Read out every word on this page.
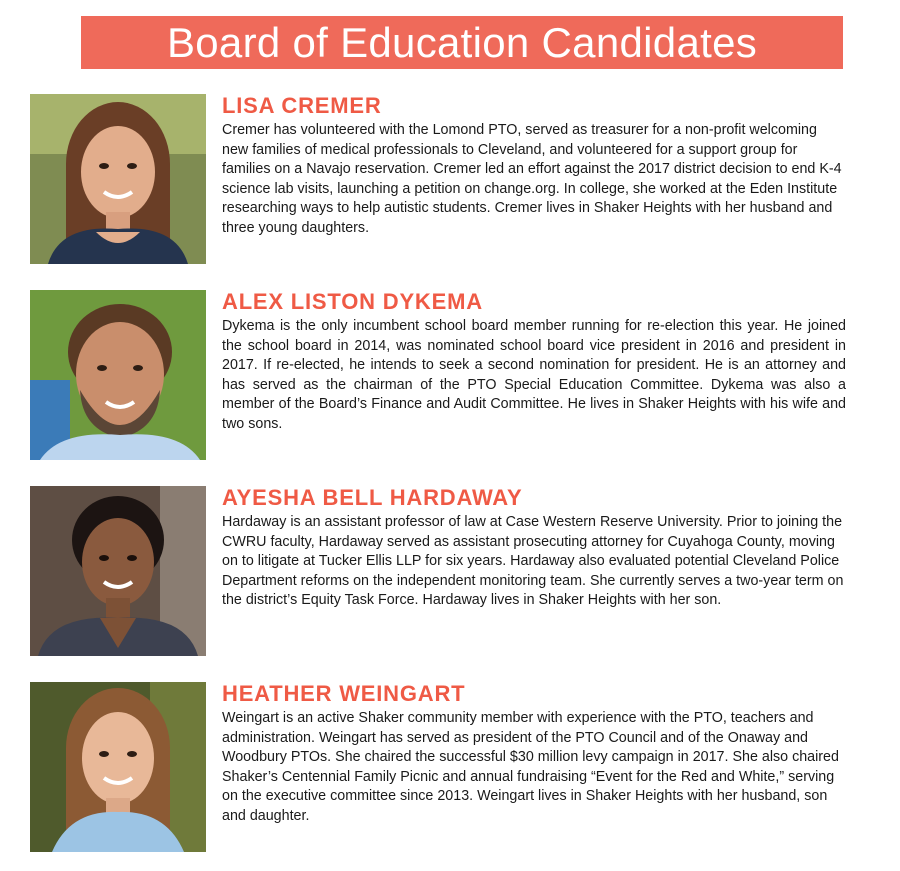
Board of Education Candidates
LISA CREMER

Cremer has volunteered with the Lomond PTO, served as treasurer for a non-profit welcoming new families of medical professionals to Cleveland, and volunteered for a support group for families on a Navajo reservation. Cremer led an effort against the 2017 district decision to end K-4 science lab visits, launching a petition on change.org. In college, she worked at the Eden Institute researching ways to help autistic students. Cremer lives in Shaker Heights with her husband and three young daughters.

ALEX LISTON DYKEMA

Dykema is the only incumbent school board member running for re-election this year. He joined the school board in 2014, was nominated school board vice president in 2016 and president in 2017. If re-elected, he intends to seek a second nomination for president. He is an attorney and has served as the chairman of the PTO Special Education Committee. Dykema was also a member of the Board’s Finance and Audit Committee. He lives in Shaker Heights with his wife and two sons.

AYESHA BELL HARDAWAY

Hardaway is an assistant professor of law at Case Western Reserve University. Prior to joining the CWRU faculty, Hardaway served as assistant prosecuting attorney for Cuyahoga County, moving on to litigate at Tucker Ellis LLP for six years. Hardaway also evaluated potential Cleveland Police Department reforms on the independent monitoring team. She currently serves a two-year term on the district’s Equity Task Force. Hardaway lives in Shaker Heights with her son.

HEATHER WEINGART

Weingart is an active Shaker community member with experience with the PTO, teachers and administration. Weingart has served as president of the PTO Council and of the Onaway and Woodbury PTOs. She chaired the successful $30 million levy campaign in 2017. She also chaired Shaker’s Centennial Family Picnic and annual fundraising “Event for the Red and White,” serving on the executive committee since 2013. Weingart lives in Shaker Heights with her husband, son and daughter.
